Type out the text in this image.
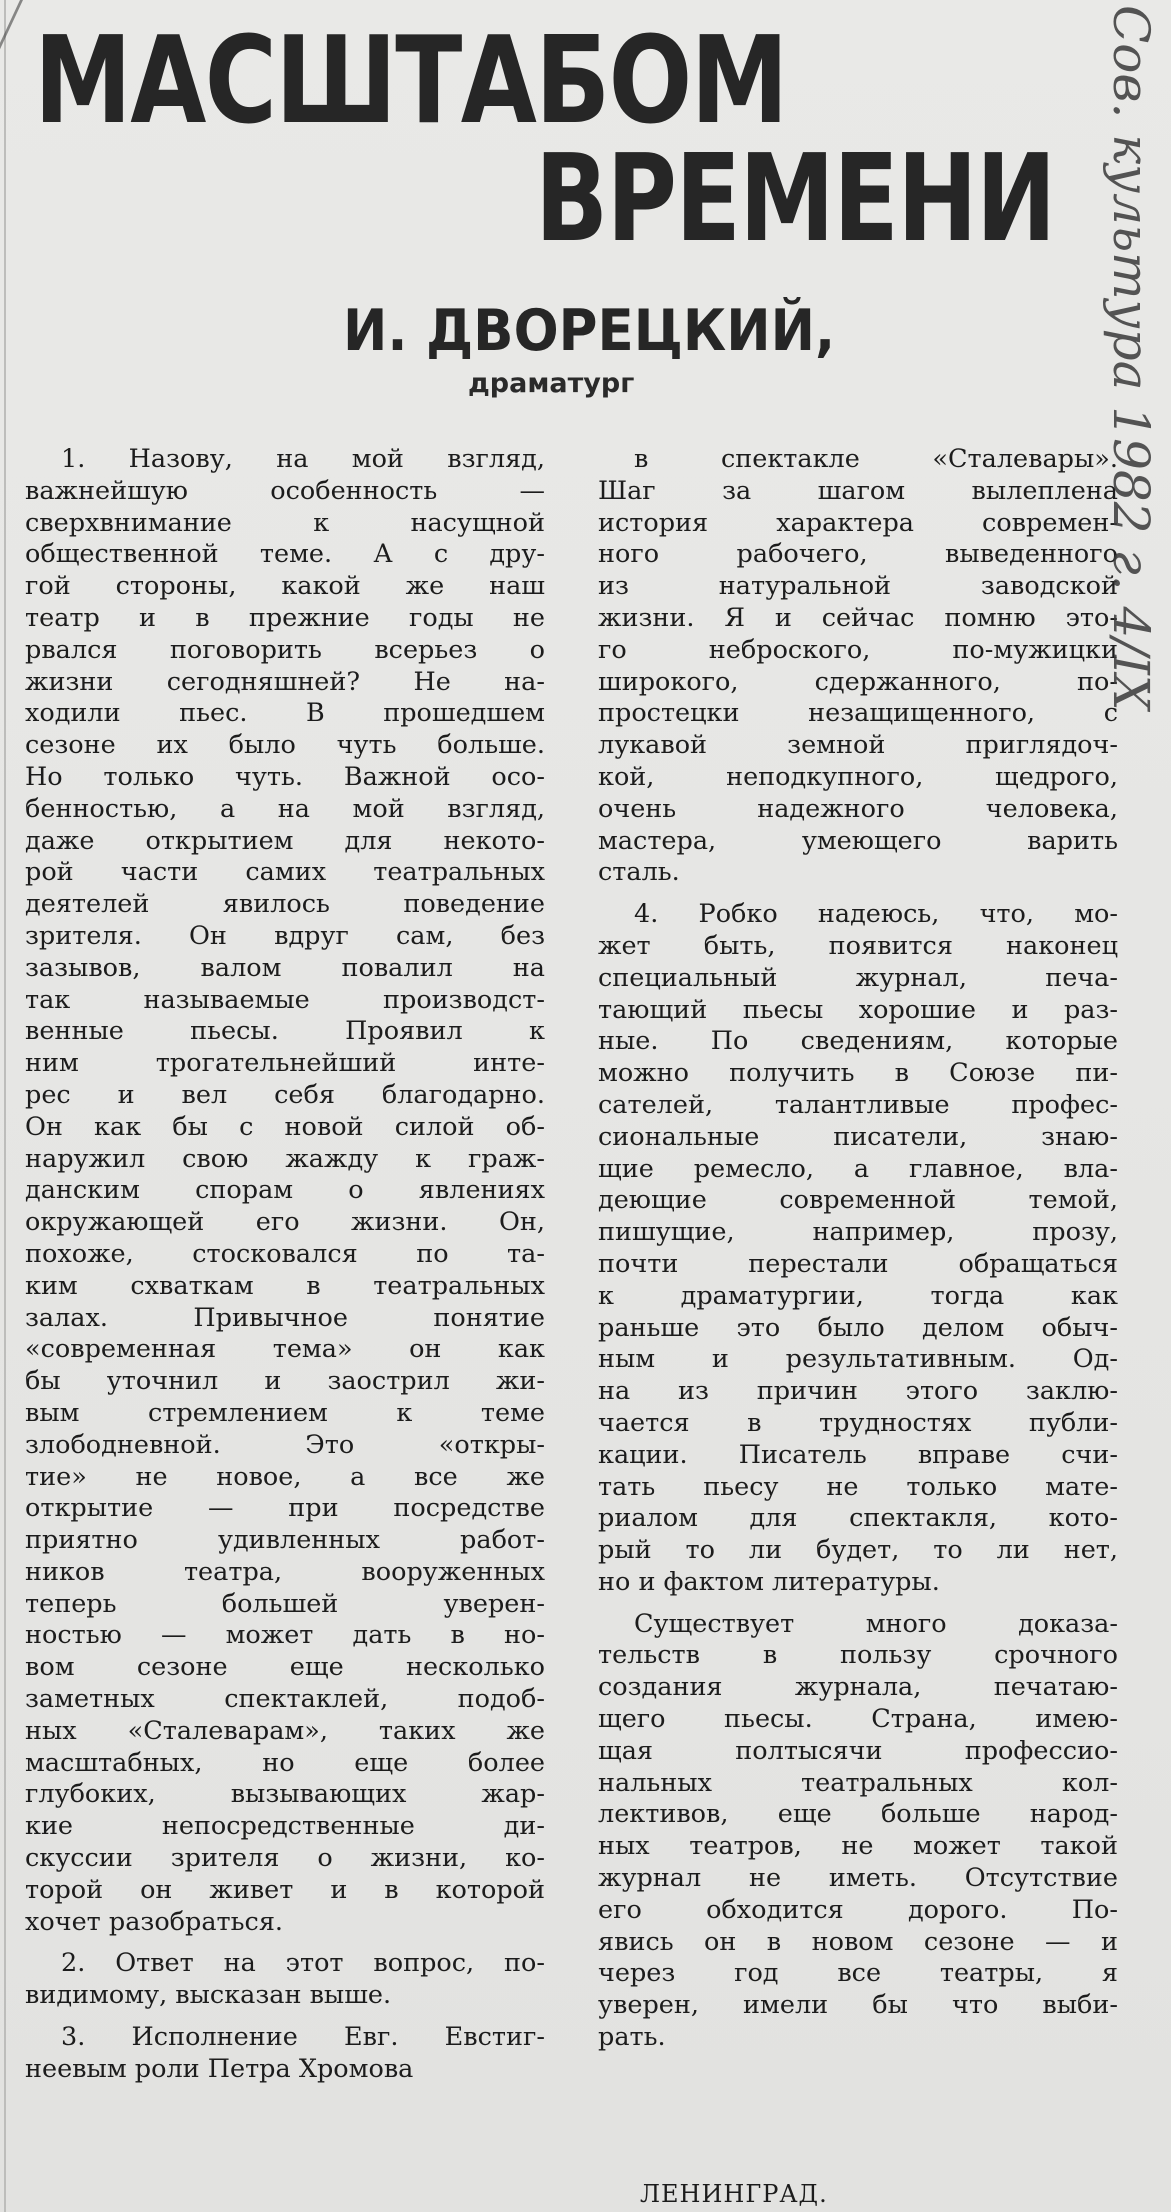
МАСШТАБОМ
ВРЕМЕНИ
И. ДВОРЕЦКИЙ,

драматург

1. Назову, на мой взгляд,
важнейшую особенность —
сверхвнимание к насущной
общественной теме. А с дру-
гой стороны, какой же наш
театр и в прежние годы не
рвался поговорить всерьез о
жизни сегодняшней? Не на-
ходили пьес. В прошедшем
сезоне их было чуть больше.
Но только чуть. Важной осо-
бенностью, а на мой взгляд,
даже открытием для некото-
рой части самих театральных
деятелей явилось поведение
зрителя. Он вдруг сам, без
зазывов, валом повалил на
так называемые производст-
венные пьесы. Проявил к
ним трогательнейший инте-
рес и вел себя благодарно.
Он как бы с новой силой об-
наружил свою жажду к граж-
данским спорам о явлениях
окружающей его жизни. Он,
похоже, стосковался по та-
ким схваткам в театральных
залах. Привычное понятие
«современная тема» он как
бы уточнил и заострил жи-
вым стремлением к теме
злободневной. Это «откры-
тие» не новое, а все же
открытие — при посредстве
приятно удивленных работ-
ников театра, вооруженных
теперь большей уверен-
ностью — может дать в но-
вом сезоне еще несколько
заметных спектаклей, подоб-
ных «Сталеварам», таких же
масштабных, но еще более
глубоких, вызывающих жар-
кие непосредственные ди-
скуссии зрителя о жизни, ко-
торой он живет и в которой
хочет разобраться.
2. Ответ на этот вопрос, по-
видимому, высказан выше.
3. Исполнение Евг. Евстиг-
неевым роли Петра Хромова
в спектакле «Сталевары».
Шаг за шагом вылеплена
история характера современ-
ного рабочего, выведенного
из натуральной заводской
жизни. Я и сейчас помню это-
го неброского, по-мужицки
широкого, сдержанного, по-
простецки незащищенного, с
лукавой земной приглядоч-
кой, неподкупного, щедрого,
очень надежного человека,
мастера, умеющего варить
сталь.
4. Робко надеюсь, что, мо-
жет быть, появится наконец
специальный журнал, печа-
тающий пьесы хорошие и раз-
ные. По сведениям, которые
можно получить в Союзе пи-
сателей, талантливые профес-
сиональные писатели, знаю-
щие ремесло, а главное, вла-
деющие современной темой,
пишущие, например, прозу,
почти перестали обращаться
к драматургии, тогда как
раньше это было делом обыч-
ным и результативным. Од-
на из причин этого заклю-
чается в трудностях публи-
кации. Писатель вправе счи-
тать пьесу не только мате-
риалом для спектакля, кото-
рый то ли будет, то ли нет,
но и фактом литературы.
Существует много доказа-
тельств в пользу срочного
создания журнала, печатаю-
щего пьесы. Страна, имею-
щая полтысячи профессио-
нальных театральных кол-
лективов, еще больше народ-
ных театров, не может такой
журнал не иметь. Отсутствие
его обходится дорого. По-
явись он в новом сезоне — и
через год все театры, я
уверен, имели бы что выби-
рать.
Сов. культура 1982 г. 4/IX

ЛЕНИНГРАД.
